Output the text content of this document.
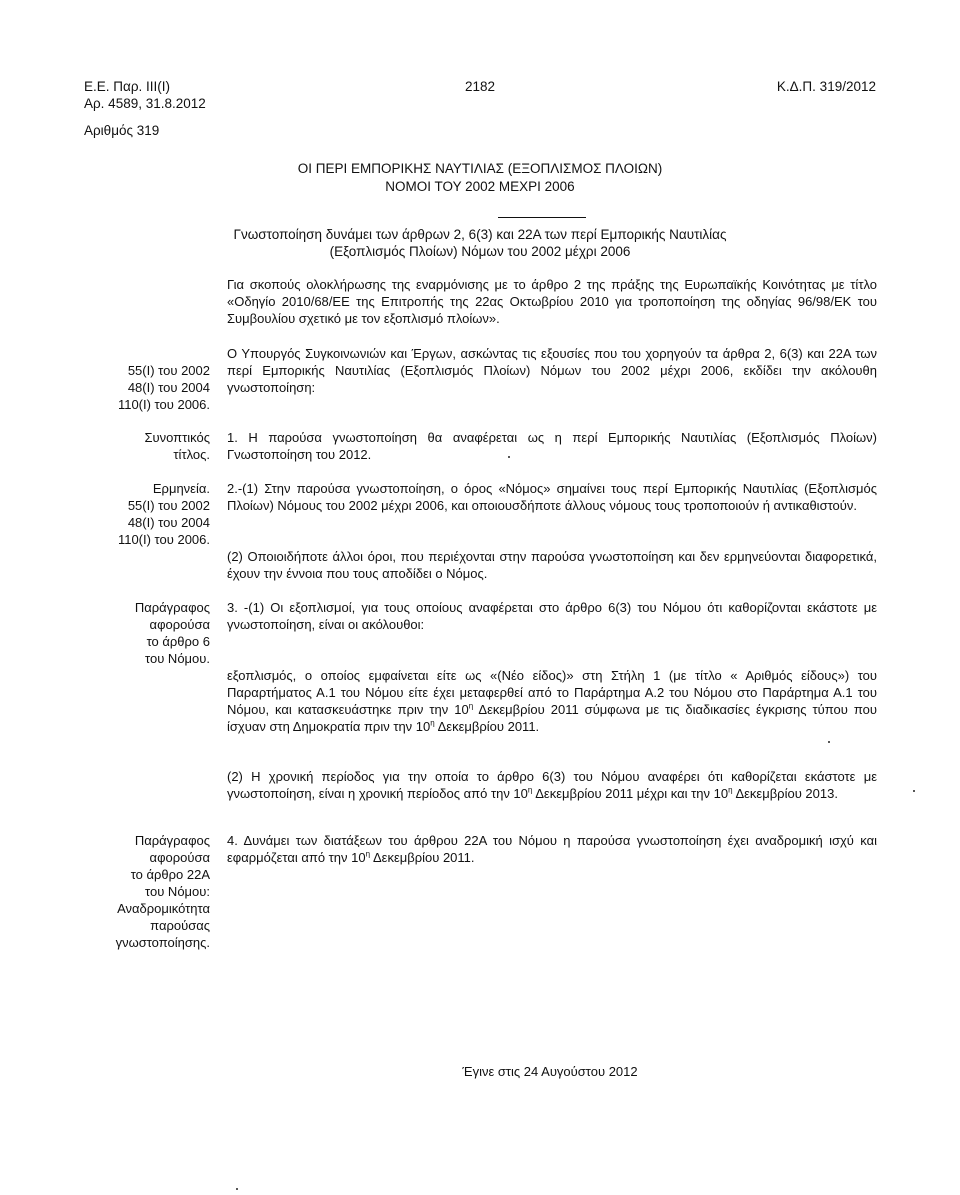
Ε.Ε. Παρ. ΙΙΙ(Ι)
Αρ. 4589, 31.8.2012
2182	Κ.Δ.Π. 319/2012
Αριθμός 319
ΟΙ ΠΕΡΙ ΕΜΠΟΡΙΚΗΣ ΝΑΥΤΙΛΙΑΣ (ΕΞΟΠΛΙΣΜΟΣ ΠΛΟΙΩΝ)
ΝΟΜΟΙ ΤΟΥ 2002 ΜΕΧΡΙ 2006
Γνωστοποίηση δυνάμει των άρθρων 2, 6(3) και 22Α των περί Εμπορικής Ναυτιλίας
(Εξοπλισμός Πλοίων) Νόμων του 2002 μέχρι 2006
Για σκοπούς ολοκλήρωσης της εναρμόνισης με το άρθρο 2 της πράξης της Ευρωπαϊκής Κοινότητας με τίτλο «Οδηγίο 2010/68/ΕΕ της Επιτροπής της 22ας Οκτωβρίου 2010 για τροποποίηση της οδηγίας 96/98/ΕΚ του Συμβουλίου σχετικό με τον εξοπλισμό πλοίων».
55(Ι) του 2002
48(Ι) του 2004
110(Ι) του 2006.
Συνοπτικός
τίτλος.
Ερμηνεία.
55(Ι) του 2002
48(Ι) του 2004
110(Ι) του 2006.
Παράγραφος
αφορούσα
το άρθρο 6
του Νόμου.
Παράγραφος
αφορούσα
το άρθρο 22Α
του Νόμου:
Αναδρομικότητα
παρούσας
γνωστοποίησης.
Ο Υπουργός Συγκοινωνιών και Έργων, ασκώντας τις εξουσίες που του χορηγούν τα άρθρα 2, 6(3) και 22Α των περί Εμπορικής Ναυτιλίας (Εξοπλισμός Πλοίων) Νόμων του 2002 μέχρι 2006, εκδίδει την ακόλουθη γνωστοποίηση:
1. Η παρούσα γνωστοποίηση θα αναφέρεται ως η περί Εμπορικής Ναυτιλίας (Εξοπλισμός Πλοίων) Γνωστοποίηση του 2012.
2.-(1) Στην παρούσα γνωστοποίηση, ο όρος «Νόμος» σημαίνει τους περί Εμπορικής Ναυτιλίας (Εξοπλισμός Πλοίων) Νόμους του 2002 μέχρι 2006, και οποιουσδήποτε άλλους νόμους τους τροποποιούν ή αντικαθιστούν.
(2) Οποιοιδήποτε άλλοι όροι, που περιέχονται στην παρούσα γνωστοποίηση και δεν ερμηνεύονται διαφορετικά, έχουν την έννοια που τους αποδίδει ο Νόμος.
3. -(1) Οι εξοπλισμοί, για τους οποίους αναφέρεται στο άρθρο 6(3) του Νόμου ότι καθορίζονται εκάστοτε με γνωστοποίηση, είναι οι ακόλουθοι:
εξοπλισμός, ο οποίος εμφαίνεται είτε ως «(Νέο είδος)» στη Στήλη 1 (με τίτλο « Αριθμός είδους») του Παραρτήματος Α.1 του Νόμου είτε έχει μεταφερθεί από το Παράρτημα Α.2 του Νόμου στο Παράρτημα Α.1 του Νόμου, και κατασκευάστηκε πριν την $10^\eta$ Δεκεμβρίου 2011 σύμφωνα με τις διαδικασίες έγκρισης τύπου που ίσχυαν στη Δημοκρατία πριν την $10^\eta$ Δεκεμβρίου 2011.
(2) Η χρονική περίοδος για την οποία το άρθρο 6(3) του Νόμου αναφέρει ότι καθορίζεται εκάστοτε με γνωστοποίηση, είναι η χρονική περίοδος από την $10^\eta$ Δεκεμβρίου 2011 μέχρι και την $10^\eta$ Δεκεμβρίου 2013.
4. Δυνάμει των διατάξεων του άρθρου 22Α του Νόμου η παρούσα γνωστοποίηση έχει αναδρομική ισχύ και εφαρμόζεται από την $10^\eta$ Δεκεμβρίου 2011.
Έγινε στις 24 Αυγούστου 2012
